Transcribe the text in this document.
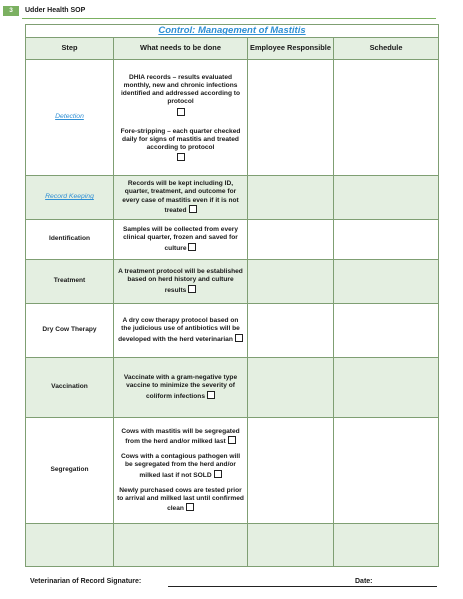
3	Udder Health SOP
Control: Management of Mastitis			
Step	What needs to be done	Employee Responsible	Schedule
Detection	DHIA records – results evaluated monthly, new and chronic infections identified and addressed according to protocol
Fore-stripping – each quarter checked daily for signs of mastitis and treated according to protocol		

Record Keeping	Records will be kept including ID, quarter, treatment, and outcome for every case of mastitis even if it is not treated		
Identification	Samples will be collected from every clinical quarter, frozen and saved for culture		
Treatment	A treatment protocol will be established based on herd history and culture results		
Dry Cow Therapy	A dry cow therapy protocol based on the judicious use of antibiotics will be developed with the herd veterinarian		
Vaccination	Vaccinate with a gram-negative type vaccine to minimize the severity of coliform infections		
Segregation	Cows with mastitis will be segregated from the herd and/or milked last
Cows with a contagious pathogen will be segregated from the herd and/or milked last if not SOLD
Newly purchased cows are tested prior to arrival and milked last until confirmed clean		

Veterinarian of Record Signature:	Date:
